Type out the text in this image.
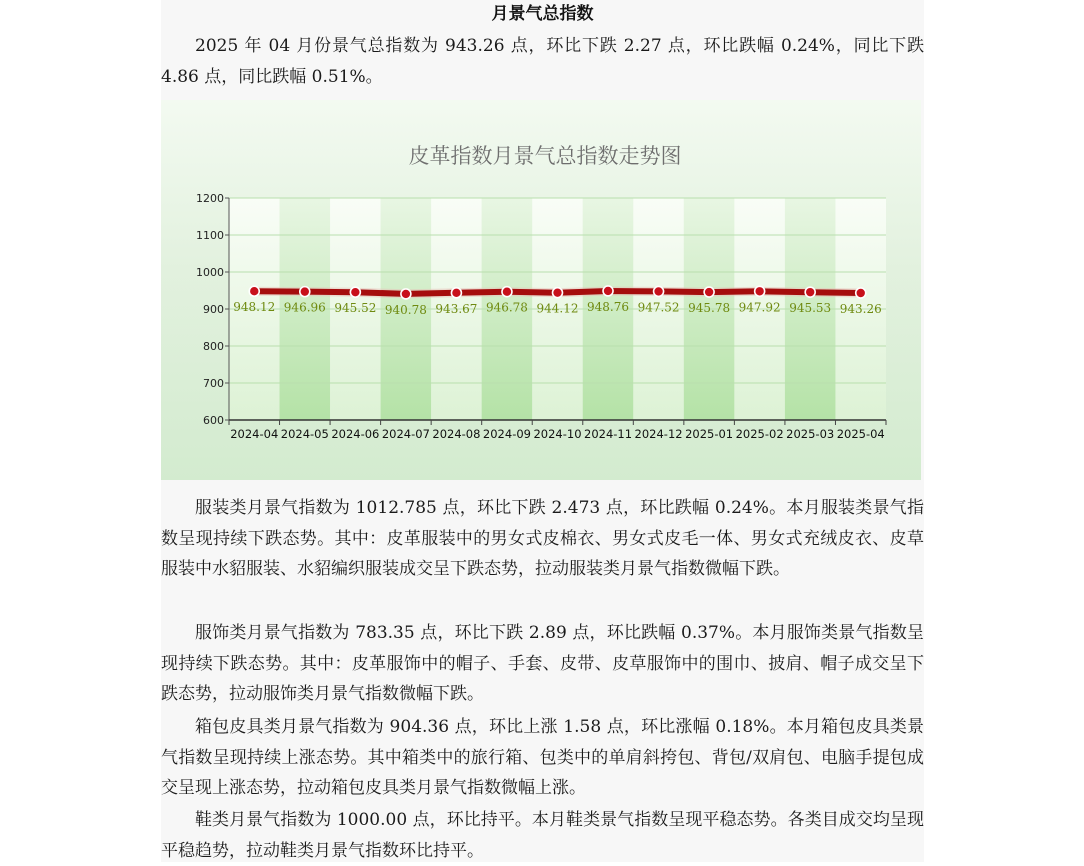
月景气总指数
2025 年 04 月份景气总指数为 943.26 点，环比下跌 2.27 点，环比跌幅 0.24%，同比下跌 4.86 点，同比跌幅 0.51%。
皮革指数月景气总指数走势图
600
700
800
900
1000
1100
1200
2024-04 2024-05 2024-06 2024-07 2024-08 2024-09 2024-10 2024-11 2024-12 2025-01 2025-02 2025-03 2025-04
948.12 946.96 945.52 940.78 943.67 946.78 944.12 948.76 947.52 945.78 947.92 945.53 943.26
服装类月景气指数为 1012.785 点，环比下跌 2.473 点，环比跌幅 0.24%。本月服装类景气指数呈现持续下跌态势。其中：皮革服装中的男女式皮棉衣、男女式皮毛一体、男女式充绒皮衣、皮草服装中水貂服装、水貂编织服装成交呈下跌态势，拉动服装类月景气指数微幅下跌。
服饰类月景气指数为 783.35 点，环比下跌 2.89 点，环比跌幅 0.37%。本月服饰类景气指数呈现持续下跌态势。其中：皮革服饰中的帽子、手套、皮带、皮草服饰中的围巾、披肩、帽子成交呈下跌态势，拉动服饰类月景气指数微幅下跌。
箱包皮具类月景气指数为 904.36 点，环比上涨 1.58 点，环比涨幅 0.18%。本月箱包皮具类景气指数呈现持续上涨态势。其中箱类中的旅行箱、包类中的单肩斜挎包、背包/双肩包、电脑手提包成交呈现上涨态势，拉动箱包皮具类月景气指数微幅上涨。
鞋类月景气指数为 1000.00 点，环比持平。本月鞋类景气指数呈现平稳态势。各类目成交均呈现平稳趋势，拉动鞋类月景气指数环比持平。
